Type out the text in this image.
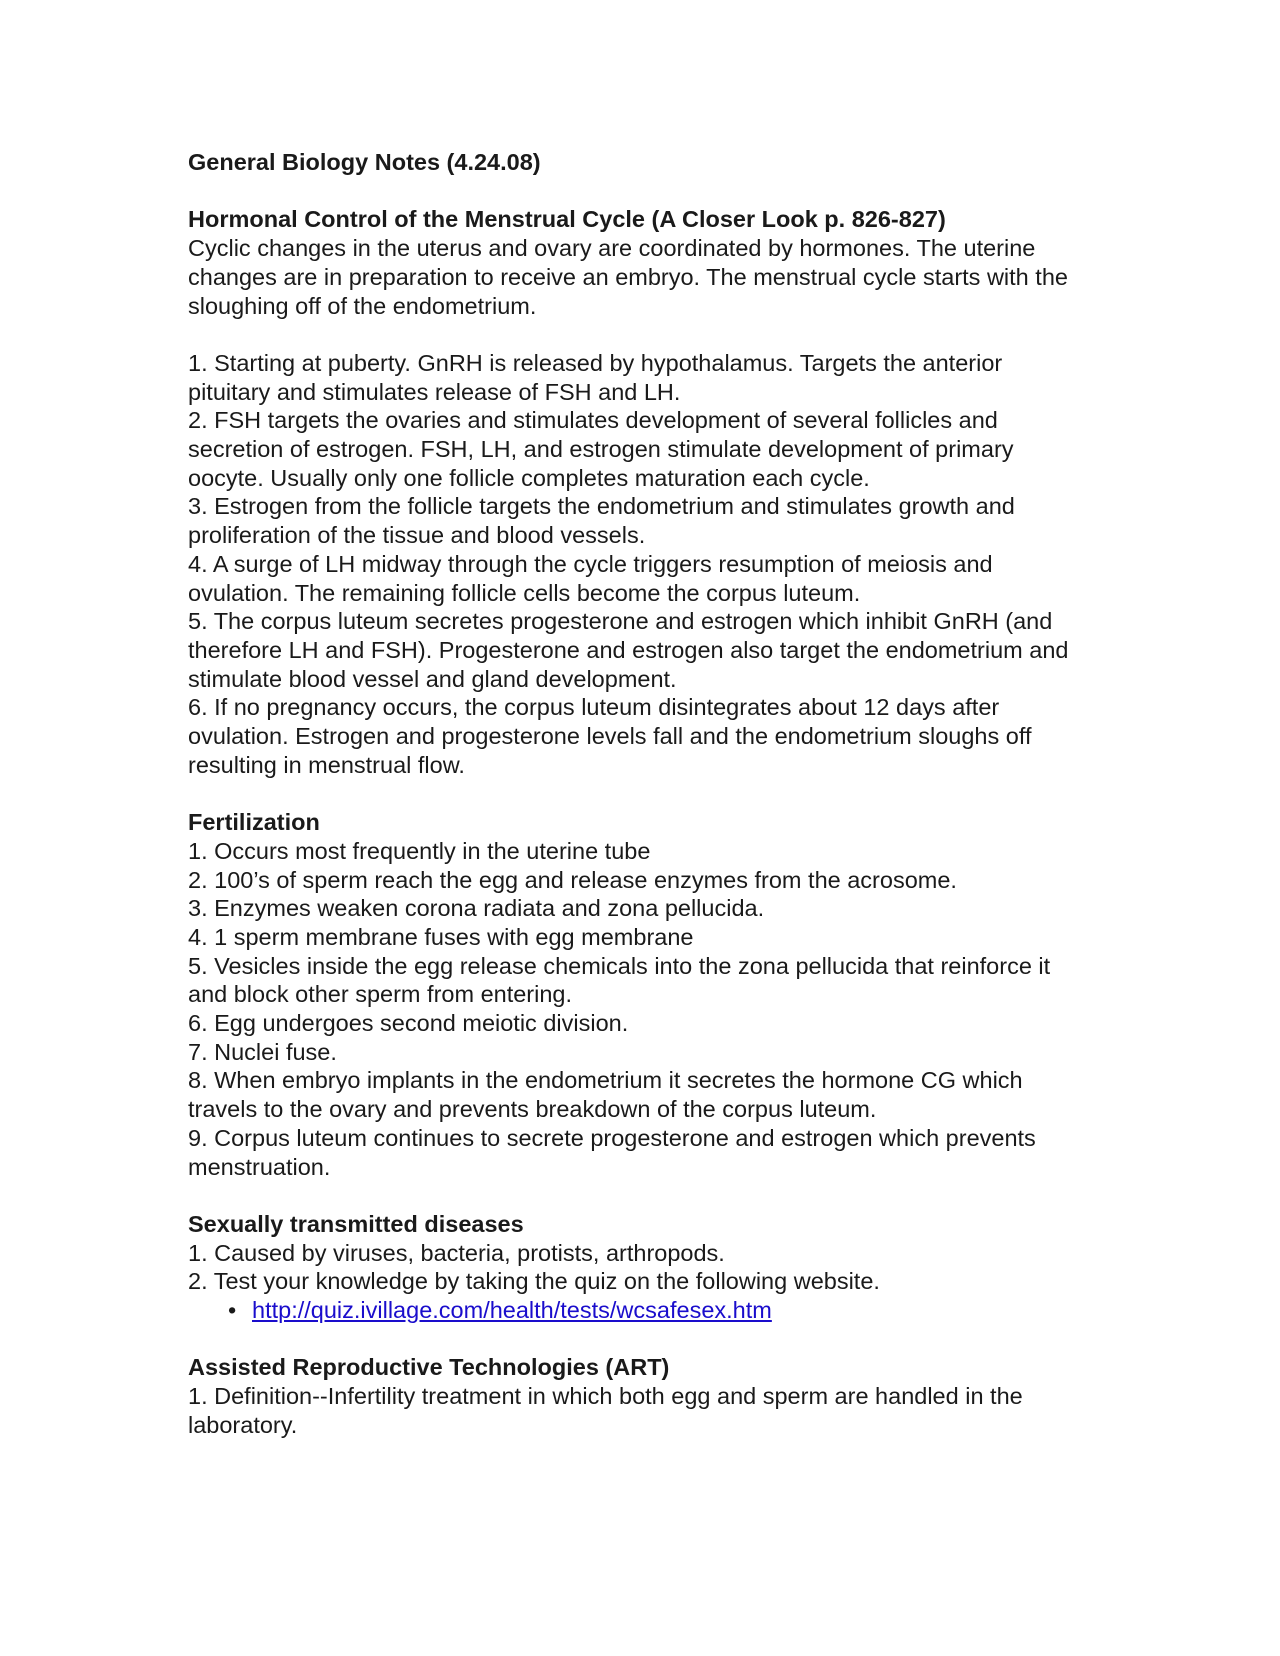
General Biology Notes (4.24.08)

Hormonal Control of the Menstrual Cycle (A Closer Look p. 826-827)

Cyclic changes in the uterus and ovary are coordinated by hormones. The uterine changes are in preparation to receive an embryo. The menstrual cycle starts with the sloughing off of the endometrium.

1. Starting at puberty. GnRH is released by hypothalamus. Targets the anterior pituitary and stimulates release of FSH and LH.

2. FSH targets the ovaries and stimulates development of several follicles and secretion of estrogen. FSH, LH, and estrogen stimulate development of primary oocyte. Usually only one follicle completes maturation each cycle.

3. Estrogen from the follicle targets the endometrium and stimulates growth and proliferation of the tissue and blood vessels.

4. A surge of LH midway through the cycle triggers resumption of meiosis and ovulation. The remaining follicle cells become the corpus luteum.

5. The corpus luteum secretes progesterone and estrogen which inhibit GnRH (and therefore LH and FSH). Progesterone and estrogen also target the endometrium and stimulate blood vessel and gland development.

6. If no pregnancy occurs, the corpus luteum disintegrates about 12 days after ovulation. Estrogen and progesterone levels fall and the endometrium sloughs off resulting in menstrual flow.

Fertilization

1. Occurs most frequently in the uterine tube

2. 100’s of sperm reach the egg and release enzymes from the acrosome.

3. Enzymes weaken corona radiata and zona pellucida.

4. 1 sperm membrane fuses with egg membrane

5. Vesicles inside the egg release chemicals into the zona pellucida that reinforce it and block other sperm from entering.

6. Egg undergoes second meiotic division.

7. Nuclei fuse.

8. When embryo implants in the endometrium it secretes the hormone CG which travels to the ovary and prevents breakdown of the corpus luteum.

9. Corpus luteum continues to secrete progesterone and estrogen which prevents menstruation.

Sexually transmitted diseases

1. Caused by viruses, bacteria, protists, arthropods.

2. Test your knowledge by taking the quiz on the following website.

• http://quiz.ivillage.com/health/tests/wcsafesex.htm

Assisted Reproductive Technologies (ART)

1. Definition--Infertility treatment in which both egg and sperm are handled in the laboratory.
